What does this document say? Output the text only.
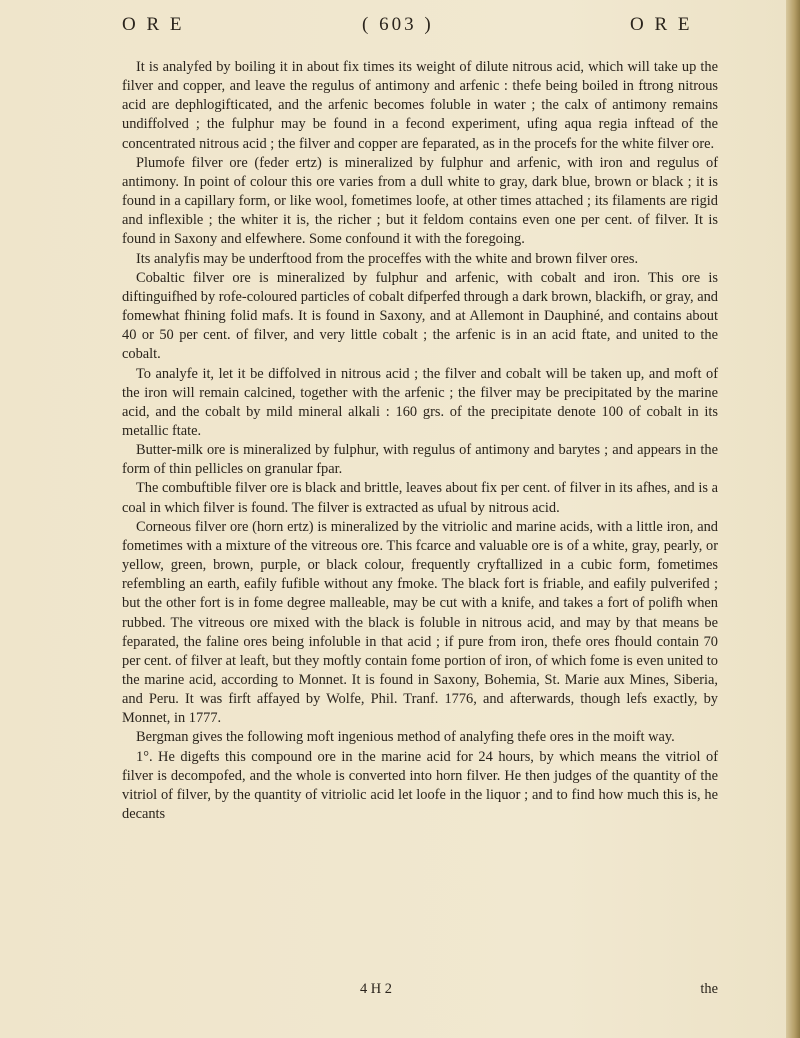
O R E	( 603 )	O R E

It is analyfed by boiling it in about fix times its weight of dilute nitrous acid, which will take up the filver and copper, and leave the regulus of antimony and arfenic : thefe being boiled in ftrong nitrous acid are dephlogifticated, and the arfenic becomes foluble in water ; the calx of antimony remains undiffolved ; the fulphur may be found in a fecond experiment, ufing aqua regia inftead of the concentrated nitrous acid ; the filver and copper are feparated, as in the procefs for the white filver ore.

Plumofe filver ore (feder ertz) is mineralized by fulphur and arfenic, with iron and regulus of antimony. In point of colour this ore varies from a dull white to gray, dark blue, brown or black ; it is found in a capillary form, or like wool, fometimes loofe, at other times attached ; its filaments are rigid and inflexible ; the whiter it is, the richer ; but it feldom contains even one per cent. of filver. It is found in Saxony and elfewhere. Some confound it with the foregoing.

Its analyfis may be underftood from the proceffes with the white and brown filver ores.

Cobaltic filver ore is mineralized by fulphur and arfenic, with cobalt and iron. This ore is diftinguifhed by rofe-coloured particles of cobalt difperfed through a dark brown, blackifh, or gray, and fomewhat fhining folid mafs. It is found in Saxony, and at Allemont in Dauphiné, and contains about 40 or 50 per cent. of filver, and very little cobalt ; the arfenic is in an acid ftate, and united to the cobalt.

To analyfe it, let it be diffolved in nitrous acid ; the filver and cobalt will be taken up, and moft of the iron will remain calcined, together with the arfenic ; the filver may be precipitated by the marine acid, and the cobalt by mild mineral alkali : 160 grs. of the precipitate denote 100 of cobalt in its metallic ftate.

Butter-milk ore is mineralized by fulphur, with regulus of antimony and barytes ; and appears in the form of thin pellicles on granular fpar.

The combuftible filver ore is black and brittle, leaves about fix per cent. of filver in its afhes, and is a coal in which filver is found. The filver is extracted as ufual by nitrous acid.

Corneous filver ore (horn ertz) is mineralized by the vitriolic and marine acids, with a little iron, and fometimes with a mixture of the vitreous ore. This fcarce and valuable ore is of a white, gray, pearly, or yellow, green, brown, purple, or black colour, frequently cryftallized in a cubic form, fometimes refembling an earth, eafily fufible without any fmoke. The black fort is friable, and eafily pulverifed ; but the other fort is in fome degree malleable, may be cut with a knife, and takes a fort of polifh when rubbed. The vitreous ore mixed with the black is foluble in nitrous acid, and may by that means be feparated, the faline ores being infoluble in that acid ; if pure from iron, thefe ores fhould contain 70 per cent. of filver at leaft, but they moftly contain fome portion of iron, of which fome is even united to the marine acid, according to Monnet. It is found in Saxony, Bohemia, St. Marie aux Mines, Siberia, and Peru. It was firft affayed by Wolfe, Phil. Tranf. 1776, and afterwards, though lefs exactly, by Monnet, in 1777.

Bergman gives the following moft ingenious method of analyfing thefe ores in the moift way.

1°. He digefts this compound ore in the marine acid for 24 hours, by which means the vitriol of filver is decompofed, and the whole is converted into horn filver. He then judges of the quantity of the vitriol of filver, by the quantity of vitriolic acid let loofe in the liquor ; and to find how much this is, he decants

4 H 2	the
